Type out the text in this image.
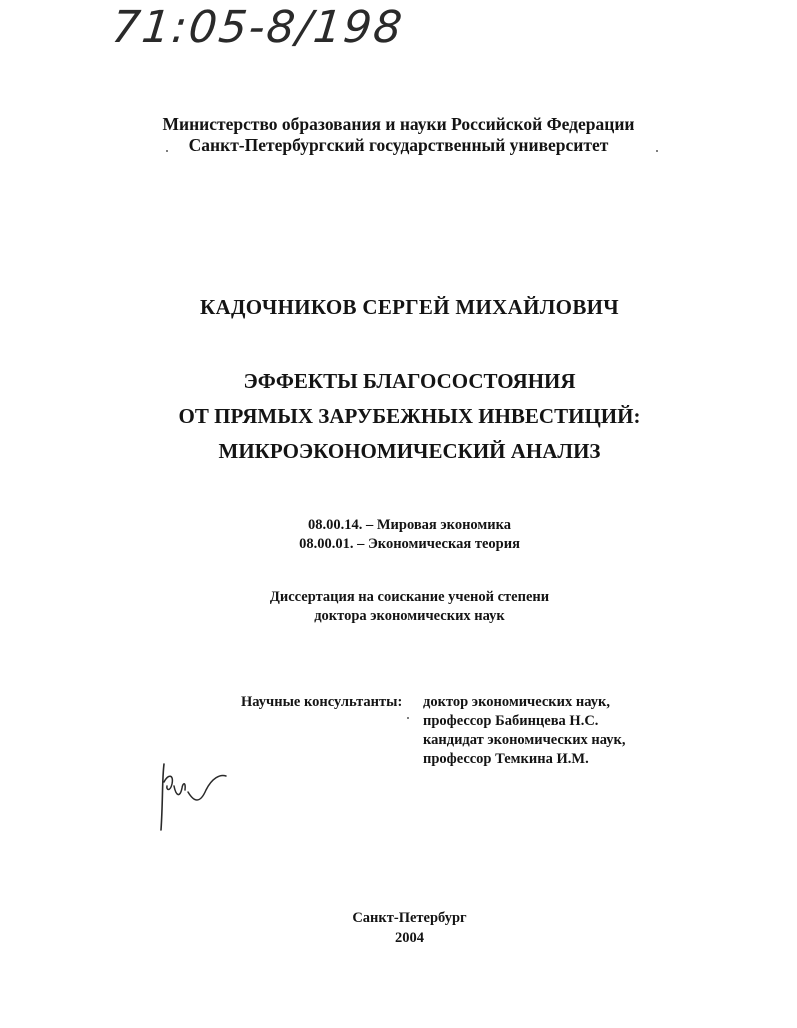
71:05-8/198
Министерство образования и науки Российской Федерации
Санкт-Петербургский государственный университет
КАДОЧНИКОВ СЕРГЕЙ МИХАЙЛОВИЧ
ЭФФЕКТЫ БЛАГОСОСТОЯНИЯ
ОТ ПРЯМЫХ ЗАРУБЕЖНЫХ ИНВЕСТИЦИЙ:
МИКРОЭКОНОМИЧЕСКИЙ АНАЛИЗ
08.00.14. – Мировая экономика
08.00.01. – Экономическая теория
Диссертация на соискание ученой степени
доктора экономических наук
Научные консультанты: доктор экономических наук,
профессор Бабинцева Н.С.
кандидат экономических наук,
профессор Темкина И.М.
Санкт-Петербург
2004
